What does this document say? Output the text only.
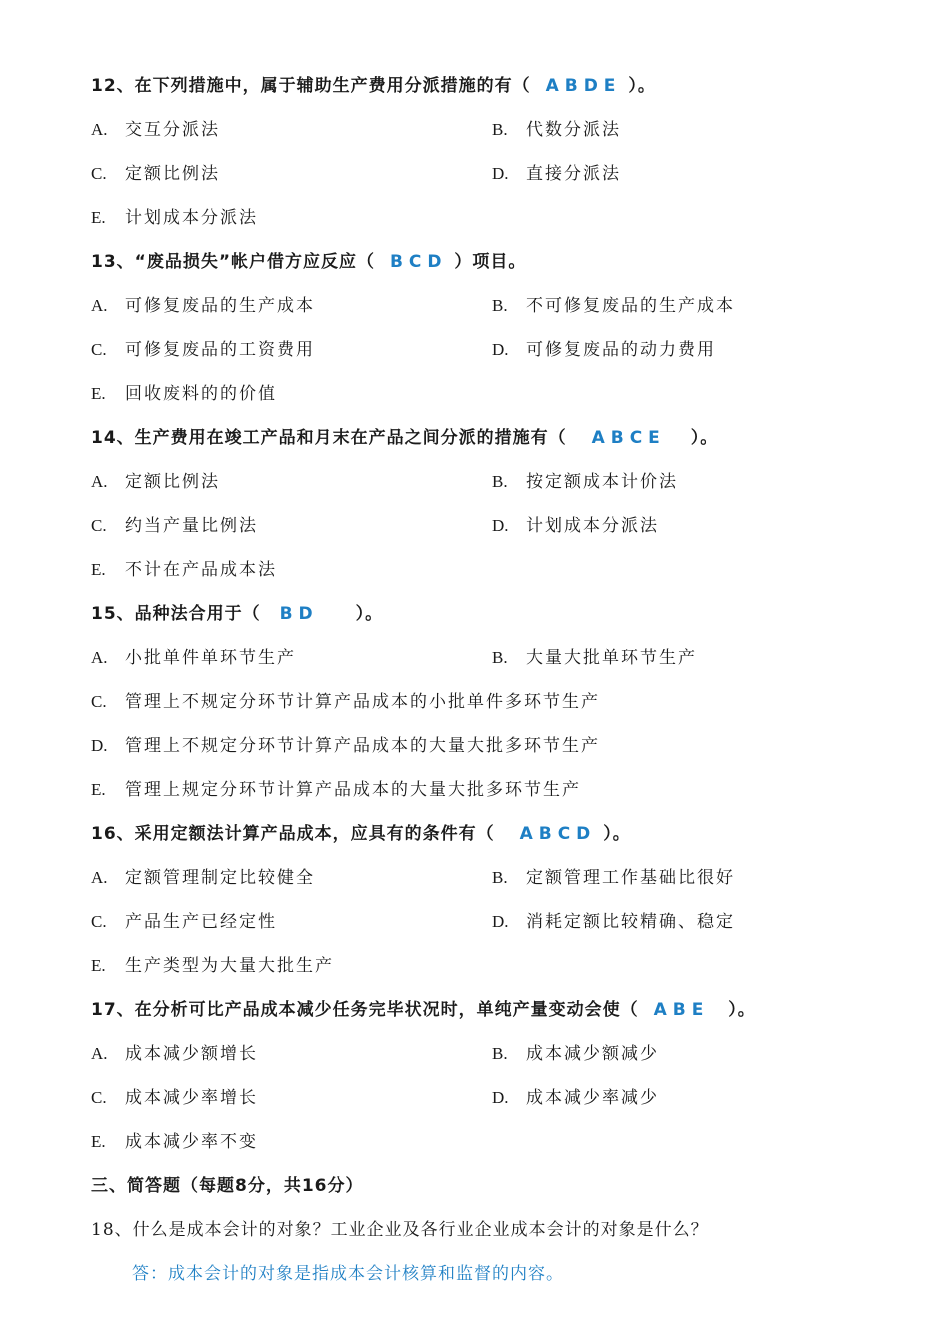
12、在下列措施中，属于辅助生产费用分派措施的有（ ABDE ）。
A. 交互分派法	B. 代数分派法
C. 定额比例法	D. 直接分派法
E. 计划成本分派法
13、“废品损失”帐户借方应反应（ BCD ）项目。
A. 可修复废品的生产成本	B. 不可修复废品的生产成本
C. 可修复废品的工资费用	D. 可修复废品的动力费用
E. 回收废料的的价值
14、生产费用在竣工产品和月末在产品之间分派的措施有（ ABCE ）。
A. 定额比例法	B. 按定额成本计价法
C. 约当产量比例法	D. 计划成本分派法
E. 不计在产品成本法
15、品种法合用于（ BD ）。
A. 小批单件单环节生产	B. 大量大批单环节生产
C. 管理上不规定分环节计算产品成本的小批单件多环节生产
D. 管理上不规定分环节计算产品成本的大量大批多环节生产
E. 管理上规定分环节计算产品成本的大量大批多环节生产
16、采用定额法计算产品成本，应具有的条件有（ ABCD ）。
A. 定额管理制定比较健全	B. 定额管理工作基础比很好
C. 产品生产已经定性	D. 消耗定额比较精确、稳定
E. 生产类型为大量大批生产
17、在分析可比产品成本减少任务完毕状况时，单纯产量变动会使（ ABE ）。
A. 成本减少额增长	B. 成本减少额减少
C. 成本减少率增长	D. 成本减少率减少
E. 成本减少率不变
三、简答题（每题8分，共16分）
18、什么是成本会计的对象？工业企业及各行业企业成本会计的对象是什么？
答：成本会计的对象是指成本会计核算和监督的内容。
